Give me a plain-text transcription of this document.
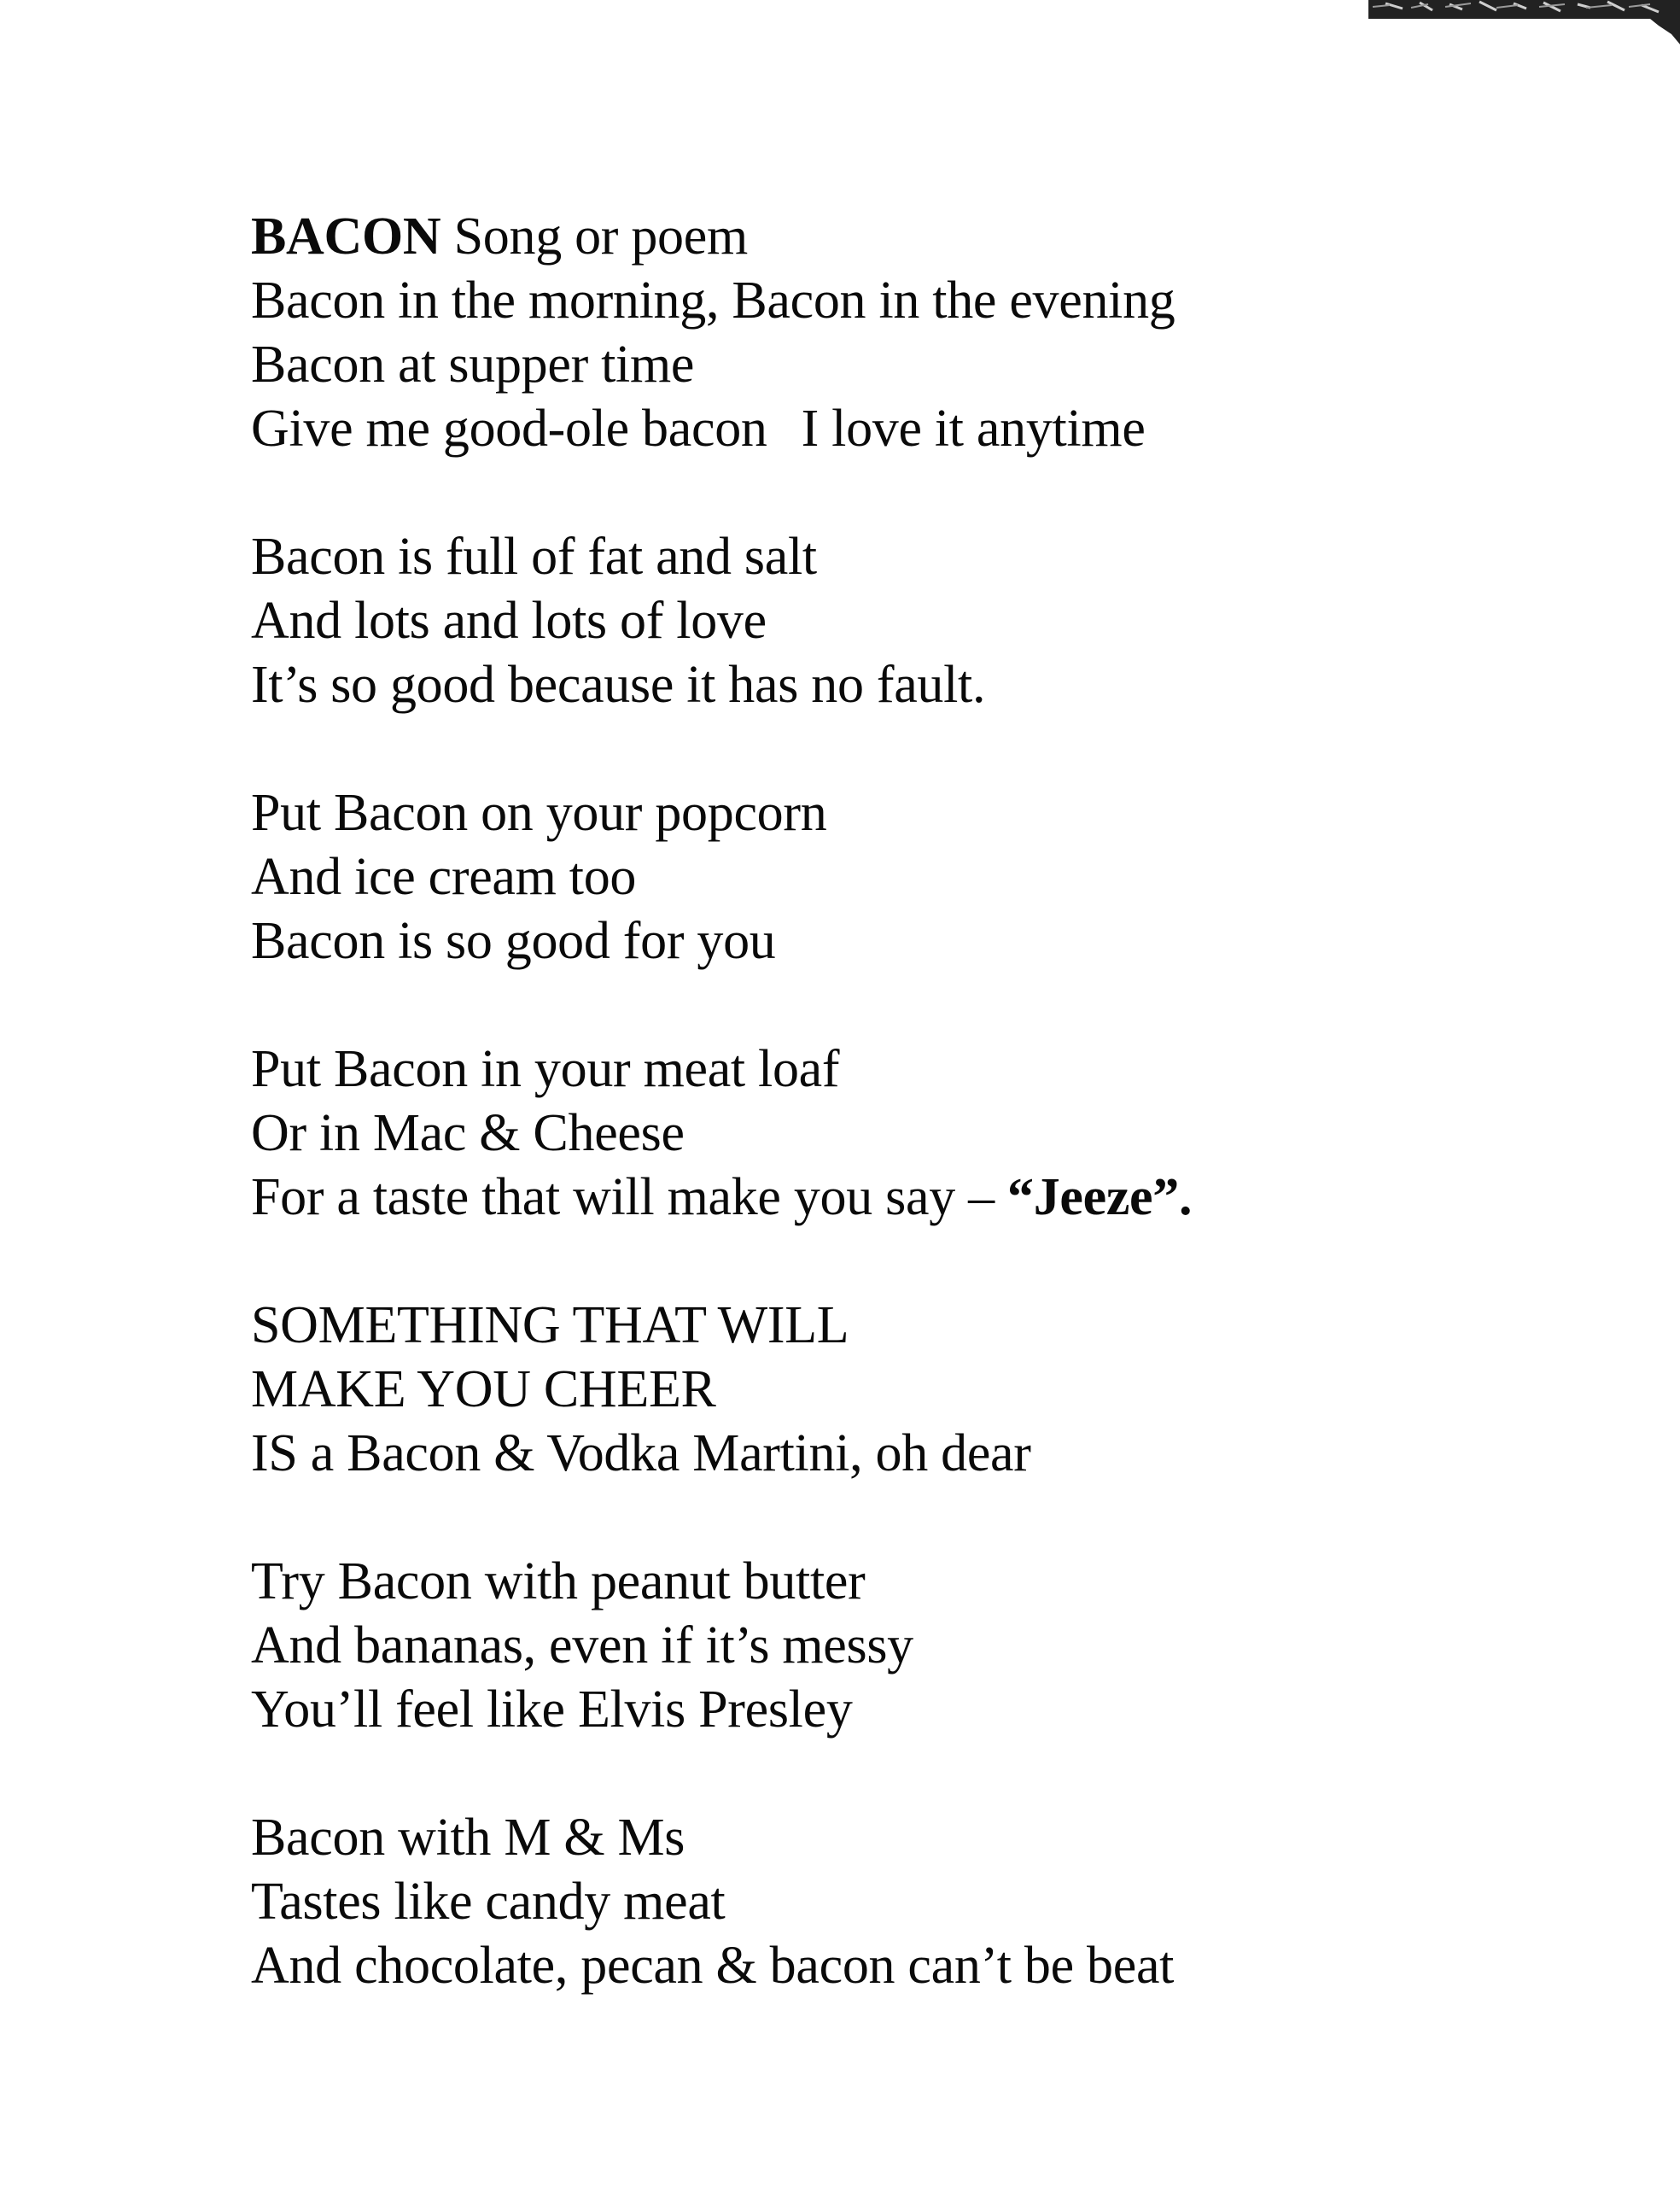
BACON Song or poem
Bacon in the morning, Bacon in the evening
Bacon at supper time
Give me good-ole bacon I love it anytime
Bacon is full of fat and salt
And lots and lots of love
It’s so good because it has no fault.
Put Bacon on your popcorn
And ice cream too
Bacon is so good for you
Put Bacon in your meat loaf
Or in Mac & Cheese
For a taste that will make you say – “Jeeze”.
SOMETHING THAT WILL
MAKE YOU CHEER
IS a Bacon & Vodka Martini, oh dear
Try Bacon with peanut butter
And bananas, even if it’s messy
You’ll feel like Elvis Presley
Bacon with M & Ms
Tastes like candy meat
And chocolate, pecan & bacon can’t be beat
